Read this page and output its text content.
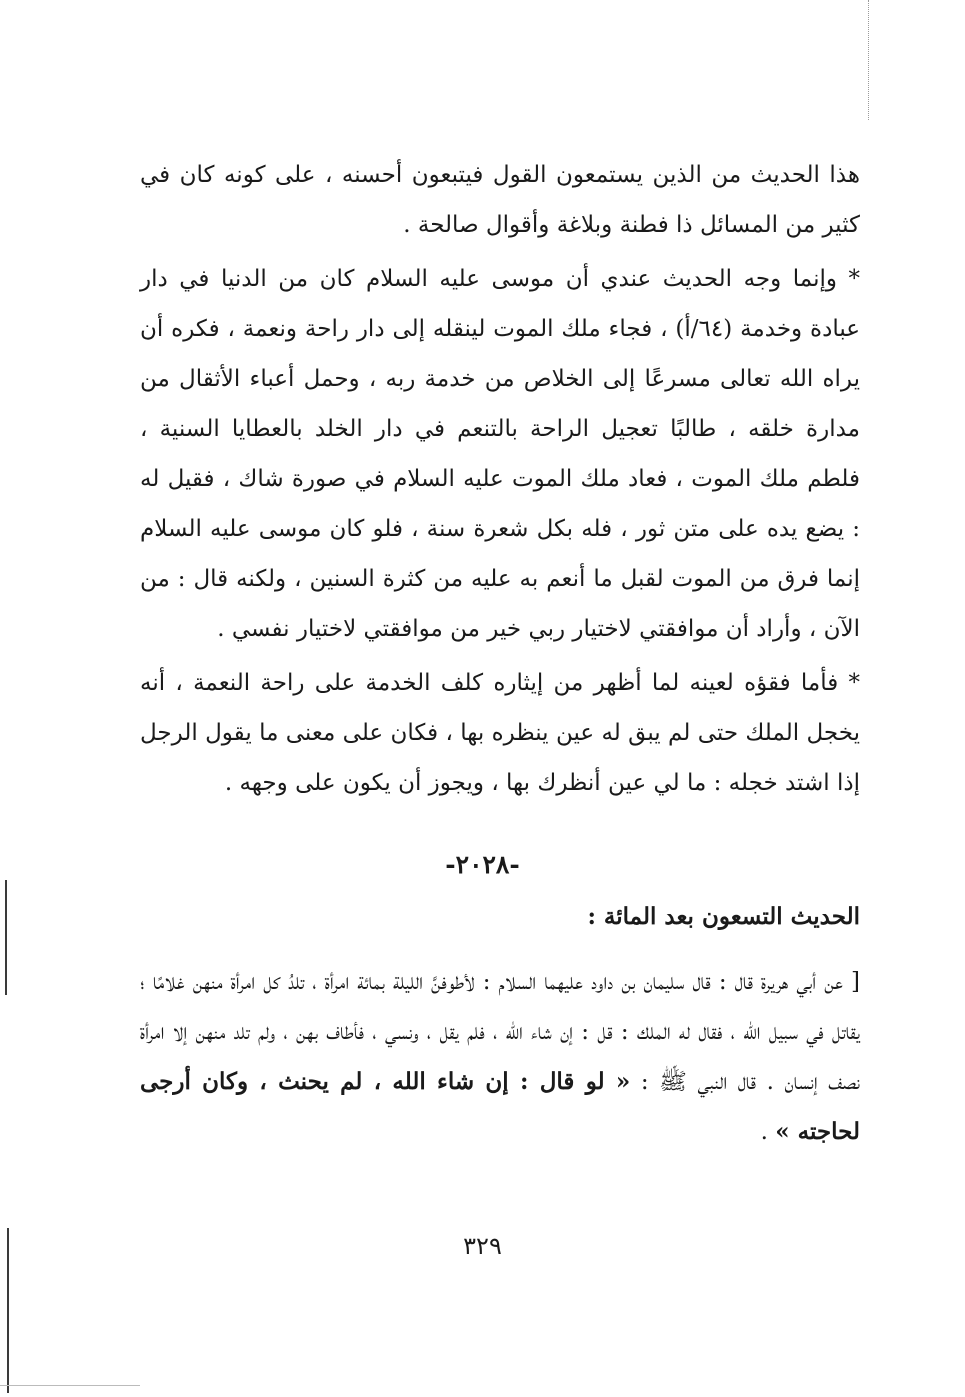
هذا الحديث من الذين يستمعون القول فيتبعون أحسنه ، على كونه كان في كثير من المسائل ذا فطنة وبلاغة وأقوال صالحة .

* وإنما وجه الحديث عندي أن موسى عليه السلام كان من الدنيا في دار عبادة وخدمة (٦٤/أ) ، فجاء ملك الموت لينقله إلى دار راحة ونعمة ، فكره أن يراه الله تعالى مسرعًا إلى الخلاص من خدمة ربه ، وحمل أعباء الأثقال من مدارة خلقه ، طالبًا تعجيل الراحة بالتنعم في دار الخلد بالعطايا السنية ، فلطم ملك الموت ، فعاد ملك الموت عليه السلام في صورة شاك ، فقيل له : يضع يده على متن ثور ، فله بكل شعرة سنة ، فلو كان موسى عليه السلام إنما فرق من الموت لقبل ما أنعم به عليه من كثرة السنين ، ولكنه قال : من الآن ، وأراد أن موافقتي لاختيار ربي خير من موافقتي لاختيار نفسي .

* فأما فقؤه لعينه لما أظهر من إيثاره كلف الخدمة على راحة النعمة ، أنه يخجل الملك حتى لم يبق له عين ينظره بها ، فكان على معنى ما يقول الرجل إذا اشتد خجله : ما لي عين أنظرك بها ، ويجوز أن يكون على وجهه .

-٢٠٢٨-
الحديث التسعون بعد المائة :

[ عن أبي هريرة قال : قال سليمان بن داود عليهما السلام : لأطوفنَّ الليلة بمائة امرأة ، تلدُ كل امرأة منهن غلامًا ؛ يقاتل في سبيل الله ، فقال له الملك : قل : إن شاء الله ، فلم يقل ، ونسي ، فأطاف بهن ، ولم تلد منهن إلا امرأة نصف إنسان . قال النبي ﷺ : « لو قال : إن شاء الله ، لم يحنث ، وكان أرجى لحاجته » .

٣٢٩
